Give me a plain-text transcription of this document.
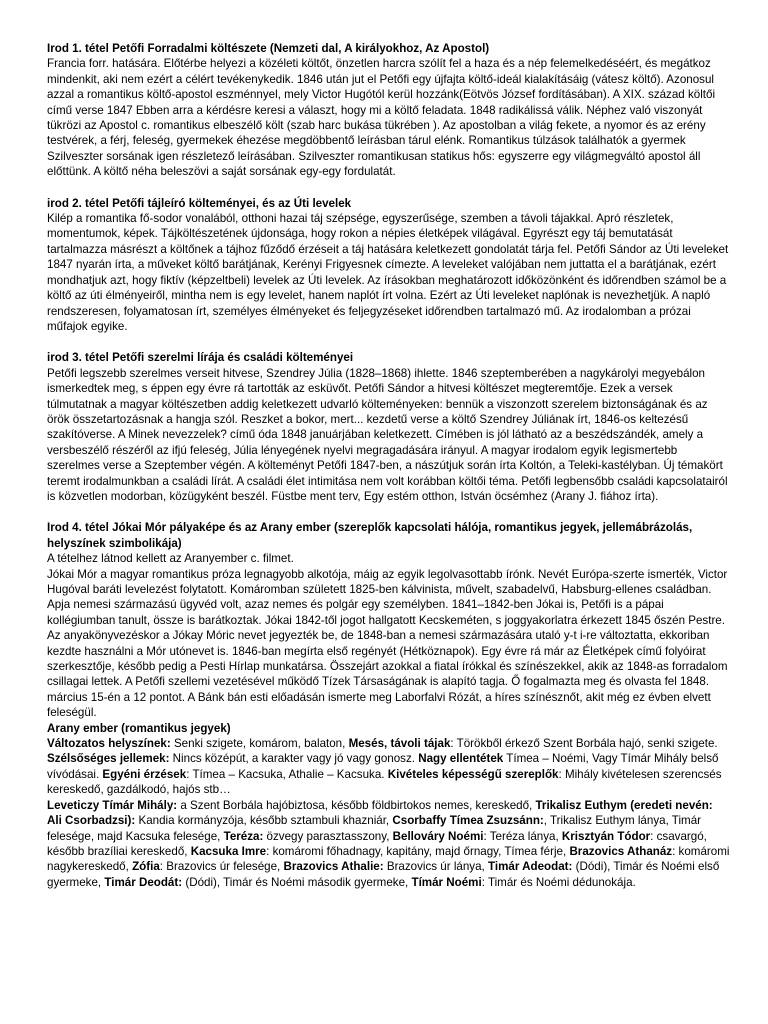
Irod 1. tétel Petőfi Forradalmi költészete (Nemzeti dal, A királyokhoz, Az Apostol)

Francia forr. hatására. Előtérbe helyezi a közéleti költőt, önzetlen harcra szólít fel a haza és a nép felemelkedéséért, és megátkoz mindenkit, aki nem ezért a célért tevékenykedik. 1846 után jut el Petőfi egy újfajta költő-ideál kialakításáig (vátesz költő). Azonosul azzal a romantikus költő-apostol eszménnyel, mely Victor Hugótól kerül hozzánk(Eötvös József fordításában). A XIX. század költői című verse 1847 Ebben arra a kérdésre keresi a választ, hogy mi a költő feladata. 1848 radikálissá válik. Néphez való viszonyát tükrözi az Apostol c. romantikus elbeszélő költ (szab harc bukása tükrében ). Az apostolban a világ fekete, a nyomor és az erény testvérek, a férj, feleség, gyermekek éhezése megdöbbentő leírásban tárul elénk. Romantikus túlzások találhatók a gyermek Szilveszter sorsának igen részletező leírásában. Szilveszter romantikusan statikus hős: egyszerre egy világmegváltó apostol áll előttünk. A költő néha beleszövi a saját sorsának egy-egy fordulatát.

irod 2. tétel Petőfi tájleíró költeményei, és az Úti levelek

Kilép a romantika fő-sodor vonalából, otthoni hazai táj szépsége, egyszerűsége, szemben a távoli tájakkal. Apró részletek, momentumok, képek. Tájköltészetének újdonsága, hogy rokon a népies életképek világával. Egyrészt egy táj bemutatását tartalmazza másrészt a költőnek a tájhoz fűződő érzéseit a táj hatására keletkezett gondolatát tárja fel. Petőfi Sándor az Úti leveleket 1847 nyarán írta, a műveket költő barátjának, Kerényi Frigyesnek címezte. A leveleket valójában nem juttatta el a barátjának, ezért mondhatjuk azt, hogy fiktív (képzeltbeli) levelek az Úti levelek. Az írásokban meghatározott időközönként és időrendben számol be a költő az úti élményeiről, mintha nem is egy levelet, hanem naplót írt volna. Ezért az Úti leveleket naplónak is nevezhetjük. A napló rendszeresen, folyamatosan írt, személyes élményeket és feljegyzéseket időrendben tartalmazó mű. Az irodalomban a prózai műfajok egyike.

irod 3. tétel Petőfi szerelmi lírája és családi költeményei

Petőfi legszebb szerelmes verseit hitvese, Szendrey Júlia (1828–1868) ihlette. 1846 szeptemberében a nagykárolyi megyebálon ismerkedtek meg, s éppen egy évre rá tartották az esküvőt. Petőfi Sándor a hitvesi költészet megteremtője. Ezek a versek túlmutatnak a magyar költészetben addig keletkezett udvarló költeményeken: bennük a viszonzott szerelem biztonságának és az örök összetartozásnak a hangja szól. Reszket a bokor, mert... kezdetű verse a költő Szendrey Júliának írt, 1846-os keltezésű szakítóverse. A Minek nevezzelek? című óda 1848 januárjában keletkezett. Címében is jól látható az a beszédszándék, amely a versbeszélő részéről az ifjú feleség, Júlia lényegének nyelvi megragadására irányul. A magyar irodalom egyik legismertebb szerelmes verse a Szeptember végén. A költeményt Petőfi 1847-ben, a nászútjuk során írta Koltón, a Teleki-kastélyban. Új témakört teremt irodalmunkban a családi lírát. A családi élet intimitása nem volt korábban költői téma. Petőfi legbensőbb családi kapcsolatairól is közvetlen modorban, közügyként beszél. Füstbe ment terv, Egy estém otthon, István öcsémhez (Arany J. fiához írta).

Irod 4. tétel Jókai Mór pályaképe és az Arany ember (szereplők kapcsolati hálója, romantikus jegyek, jellemábrázolás, helyszínek szimbolikája)

A tételhez látnod kellett az Aranyember c. filmet.

Jókai Mór a magyar romantikus próza legnagyobb alkotója, máig az egyik legolvasottabb írónk. Nevét Európa-szerte ismerték, Victor Hugóval baráti levelezést folytatott. Komáromban született 1825-ben kálvinista, művelt, szabadelvű, Habsburg-ellenes családban. Apja nemesi származású ügyvéd volt, azaz nemes és polgár egy személyben. 1841–1842-ben Jókai is, Petőfi is a pápai kollégiumban tanult, össze is barátkoztak. Jókai 1842-től jogot hallgatott Kecskeméten, s joggyakorlatra érkezett 1845 őszén Pestre. Az anyakönyvezéskor a Jókay Móric nevet jegyezték be, de 1848-ban a nemesi származására utaló y-t i-re változtatta, ekkoriban kezdte használni a Mór utónevet is. 1846-ban megírta első regényét (Hétköznapok). Egy évre rá már az Életképek című folyóirat szerkesztője, később pedig a Pesti Hírlap munkatársa. Összejárt azokkal a fiatal írókkal és színészekkel, akik az 1848-as forradalom csillagai lettek. A Petőfi szellemi vezetésével működő Tízek Társaságának is alapító tagja. Ő fogalmazta meg és olvasta fel 1848. március 15-én a 12 pontot. A Bánk bán esti előadásán ismerte meg Laborfalvi Rózát, a híres színésznőt, akit még ez évben elvett feleségül.

Arany ember (romantikus jegyek)

Változatos helyszínek: Senki szigete, komárom, balaton, Mesés, távoli tájak: Törökből érkező Szent Borbála hajó, senki szigete.
Szélsőséges jellemek: Nincs középút, a karakter vagy jó vagy gonosz. Nagy ellentétek Tímea – Noémi, Vagy Tímár Mihály belső vívódásai. Egyéni érzések: Tímea – Kacsuka, Athalie – Kacsuka. Kivételes képességű szereplők: Mihály kivételesen szerencsés kereskedő, gazdálkodó, hajós stb…

Leveticzy Tímár Mihály: a Szent Borbála hajóbiztosa, később földbirtokos nemes, kereskedő, Trikalisz Euthym (eredeti nevén: Ali Csorbadzsi): Kandia kormányzója, később sztambuli khazniár, Csorbaffy Tímea Zsuzsánn:, Trikalisz Euthym lánya, Timár felesége, majd Kacsuka felesége, Teréza: özvegy parasztasszony, Bellováry Noémi: Teréza lánya, Krisztyán Tódor: csavargó, később brazíliai kereskedő, Kacsuka Imre: komáromi főhadnagy, kapitány, majd őrnagy, Tímea férje, Brazovics Athanáz: komáromi nagykereskedő, Zófia: Brazovics úr felesége, Brazovics Athalie: Brazovics úr lánya, Timár Adeodat: (Dódi), Timár és Noémi első gyermeke, Timár Deodát: (Dódi), Timár és Noémi második gyermeke, Tímár Noémi: Timár és Noémi dédunokája.
